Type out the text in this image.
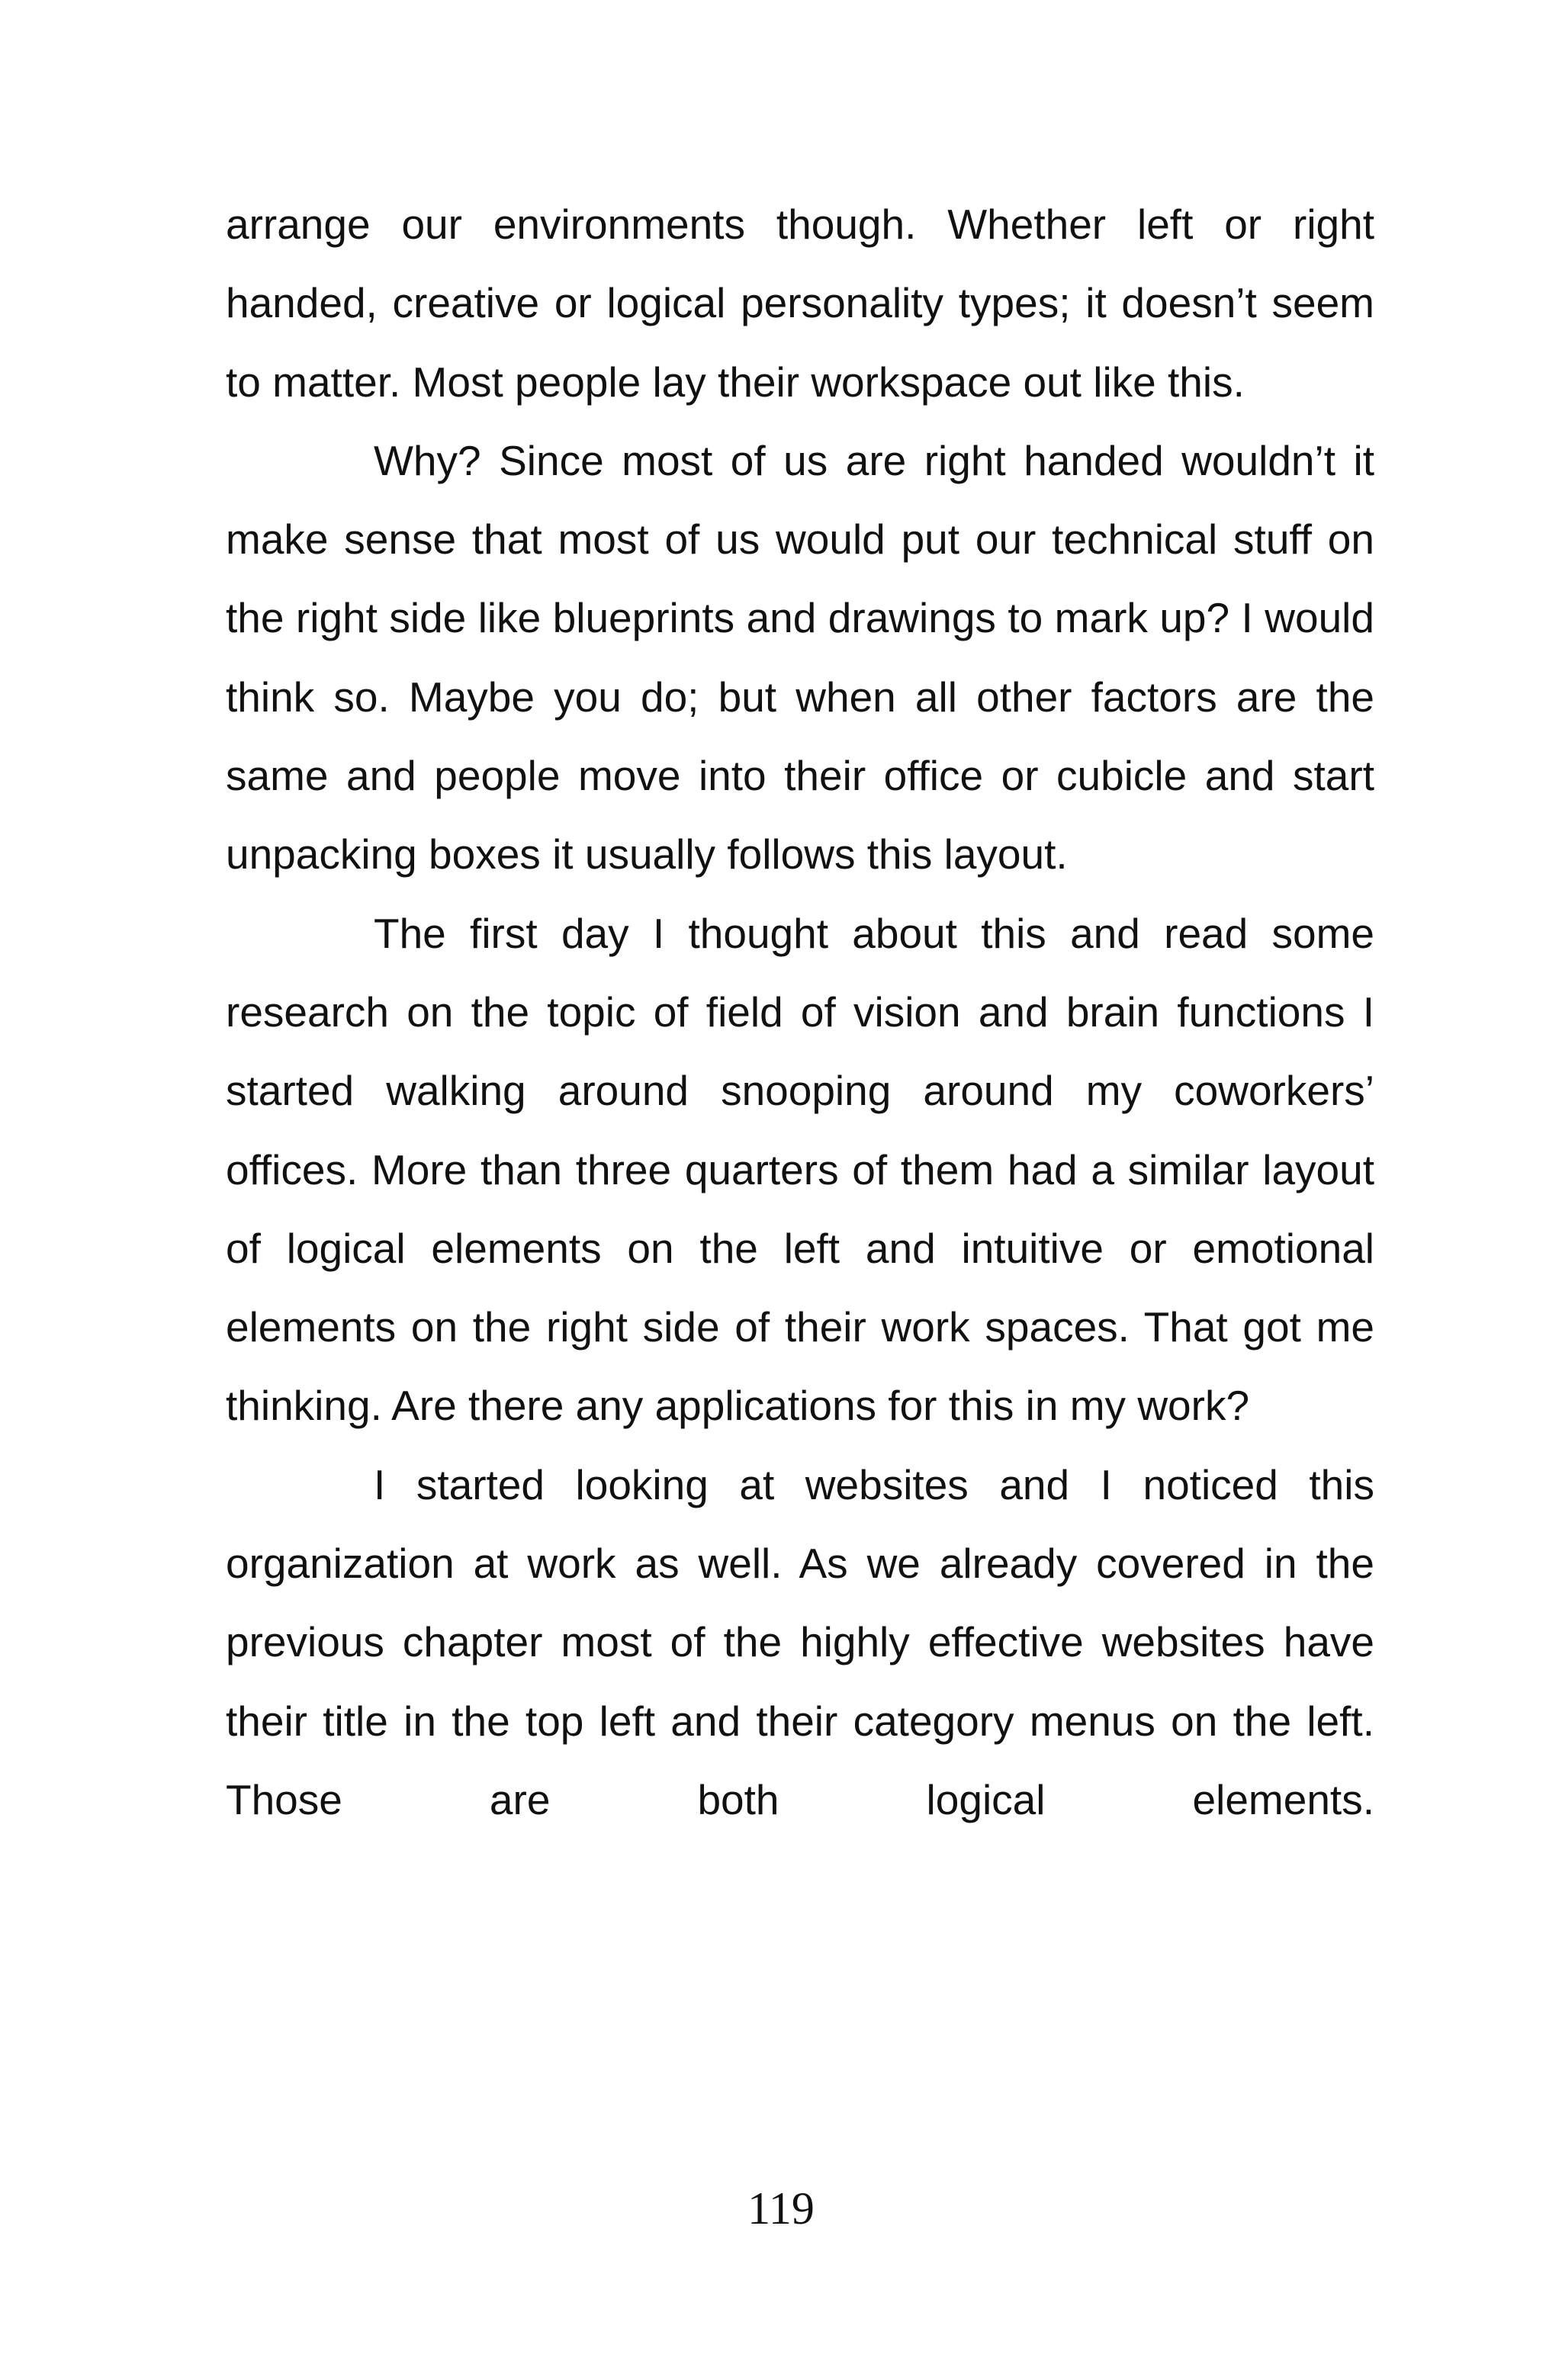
arrange our environments though. Whether left or right handed, creative or logical personality types; it doesn’t seem to matter. Most people lay their workspace out like this.

Why? Since most of us are right handed wouldn’t it make sense that most of us would put our technical stuff on the right side like blueprints and drawings to mark up? I would think so. Maybe you do; but when all other factors are the same and people move into their office or cubicle and start unpacking boxes it usually follows this layout.

The first day I thought about this and read some research on the topic of field of vision and brain functions I started walking around snooping around my coworkers’ offices. More than three quarters of them had a similar layout of logical elements on the left and intuitive or emotional elements on the right side of their work spaces. That got me thinking. Are there any applications for this in my work?

I started looking at websites and I noticed this organization at work as well. As we already covered in the previous chapter most of the highly effective websites have their title in the top left and their category menus on the left. Those are both logical elements.

119
